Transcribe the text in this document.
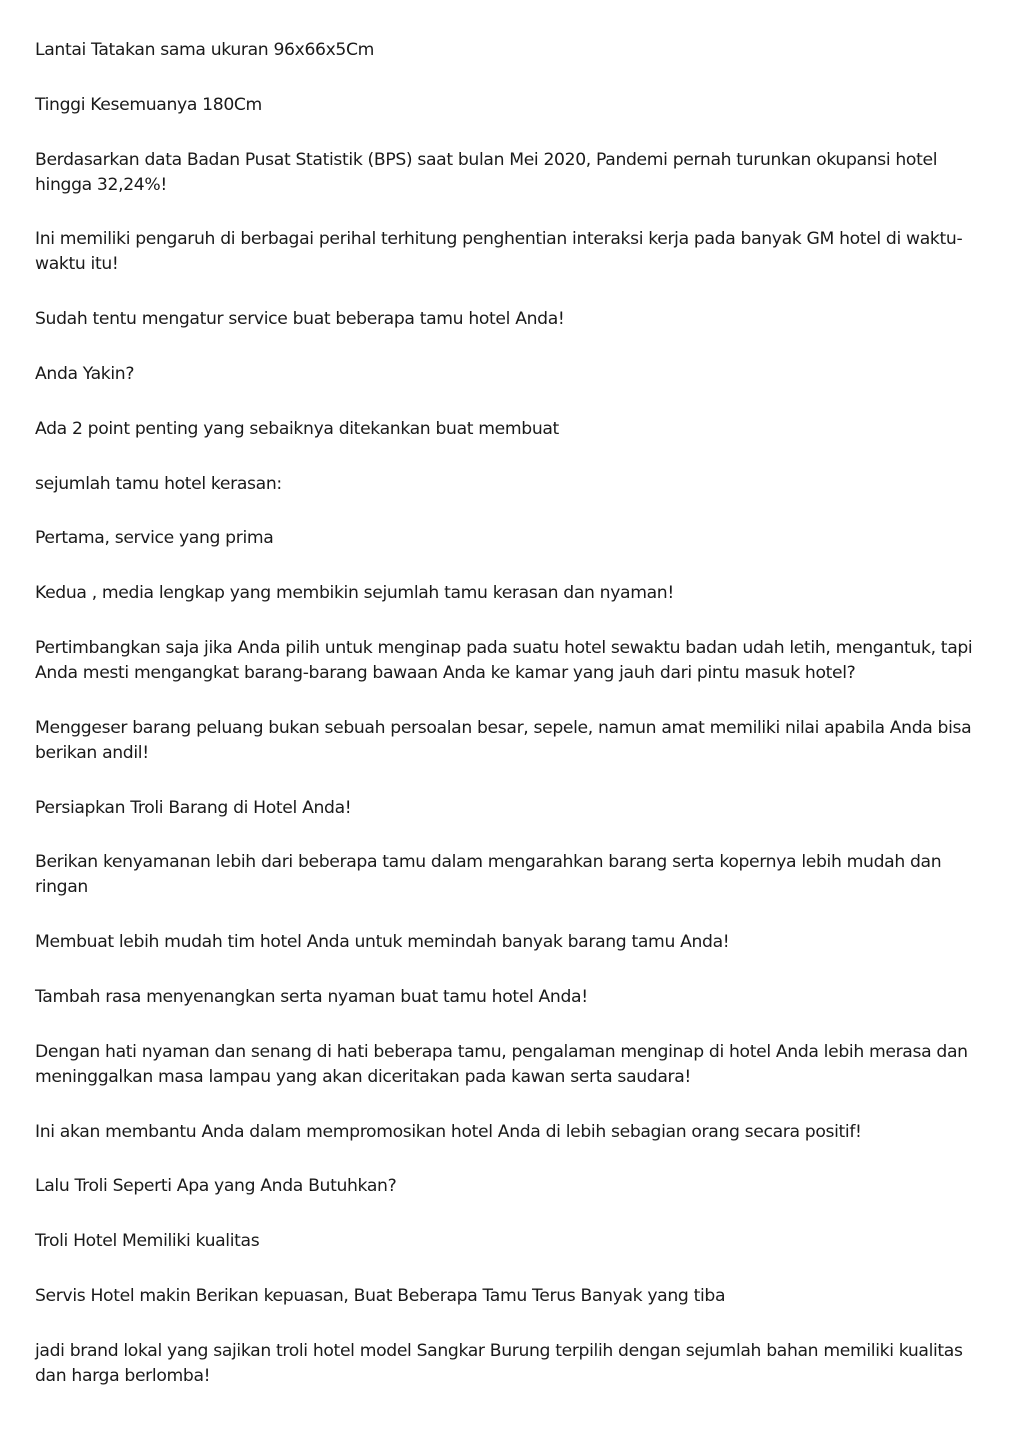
Lantai Tatakan sama ukuran 96x66x5Cm

Tinggi Kesemuanya 180Cm

Berdasarkan data Badan Pusat Statistik (BPS) saat bulan Mei 2020, Pandemi pernah turunkan okupansi hotel hingga 32,24%!

Ini memiliki pengaruh di berbagai perihal terhitung penghentian interaksi kerja pada banyak GM hotel di waktu-waktu itu!

Sudah tentu mengatur service buat beberapa tamu hotel Anda!

Anda Yakin?

Ada 2 point penting yang sebaiknya ditekankan buat membuat

sejumlah tamu hotel kerasan:

Pertama, service yang prima

Kedua , media lengkap yang membikin sejumlah tamu kerasan dan nyaman!

Pertimbangkan saja jika Anda pilih untuk menginap pada suatu hotel sewaktu badan udah letih, mengantuk, tapi Anda mesti mengangkat barang-barang bawaan Anda ke kamar yang jauh dari pintu masuk hotel?

Menggeser barang peluang bukan sebuah persoalan besar, sepele, namun amat memiliki nilai apabila Anda bisa berikan andil!

Persiapkan Troli Barang di Hotel Anda!

Berikan kenyamanan lebih dari beberapa tamu dalam mengarahkan barang serta kopernya lebih mudah dan ringan

Membuat lebih mudah tim hotel Anda untuk memindah banyak barang tamu Anda!

Tambah rasa menyenangkan serta nyaman buat tamu hotel Anda!

Dengan hati nyaman dan senang di hati beberapa tamu, pengalaman menginap di hotel Anda lebih merasa dan meninggalkan masa lampau yang akan diceritakan pada kawan serta saudara!

Ini akan membantu Anda dalam mempromosikan hotel Anda di lebih sebagian orang secara positif!

Lalu Troli Seperti Apa yang Anda Butuhkan?

Troli Hotel Memiliki kualitas

Servis Hotel makin Berikan kepuasan, Buat Beberapa Tamu Terus Banyak yang tiba

jadi brand lokal yang sajikan troli hotel model Sangkar Burung terpilih dengan sejumlah bahan memiliki kualitas dan harga berlomba!
